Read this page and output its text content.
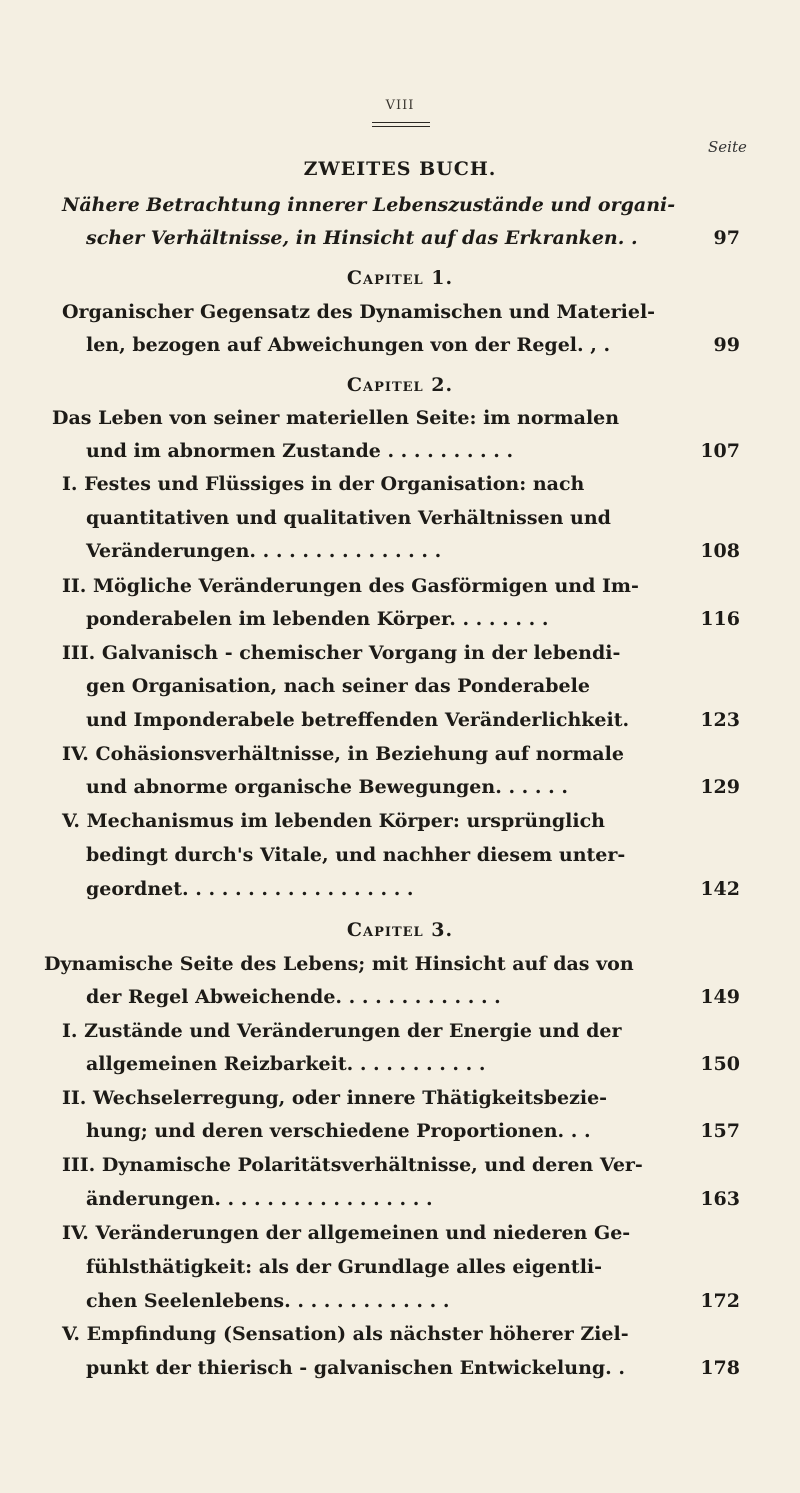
VIII
Seite
ZWEITES BUCH.
Nähere Betrachtung innerer Lebenszustände und organi-
scher Verhältnisse, in Hinsicht auf das Erkranken. .	97
Capitel 1.
Organischer Gegensatz des Dynamischen und Materiel-
len, bezogen auf Abweichungen von der Regel. , .	99
Capitel 2.
Das Leben von seiner materiellen Seite: im normalen
und im abnormen Zustande . . . . . . . . . .	107
I. Festes und Flüssiges in der Organisation: nach
quantitativen und qualitativen Verhältnissen und
Veränderungen. . . . . . . . . . . . . . .	108
II. Mögliche Veränderungen des Gasförmigen und Im-
ponderabelen im lebenden Körper. . . . . . . .	116
III. Galvanisch - chemischer Vorgang in der lebendi-
gen Organisation, nach seiner das Ponderabele
und Imponderabele betreffenden Veränderlichkeit.	123
IV. Cohäsionsverhältnisse, in Beziehung auf normale
und abnorme organische Bewegungen. . . . . .	129
V. Mechanismus im lebenden Körper: ursprünglich
bedingt durch's Vitale, und nachher diesem unter-
geordnet. . . . . . . . . . . . . . . . . .	142
Capitel 3.
Dynamische Seite des Lebens; mit Hinsicht auf das von
der Regel Abweichende. . . . . . . . . . . . .	149
I. Zustände und Veränderungen der Energie und der
allgemeinen Reizbarkeit. . . . . . . . . . .	150
II. Wechselerregung, oder innere Thätigkeitsbezie-
hung; und deren verschiedene Proportionen. . .	157
III. Dynamische Polaritätsverhältnisse, und deren Ver-
änderungen. . . . . . . . . . . . . . . . .	163
IV. Veränderungen der allgemeinen und niederen Ge-
fühlsthätigkeit: als der Grundlage alles eigentli-
chen Seelenlebens. . . . . . . . . . . . .	172
V. Empfindung (Sensation) als nächster höherer Ziel-
punkt der thierisch - galvanischen Entwickelung. .	178
